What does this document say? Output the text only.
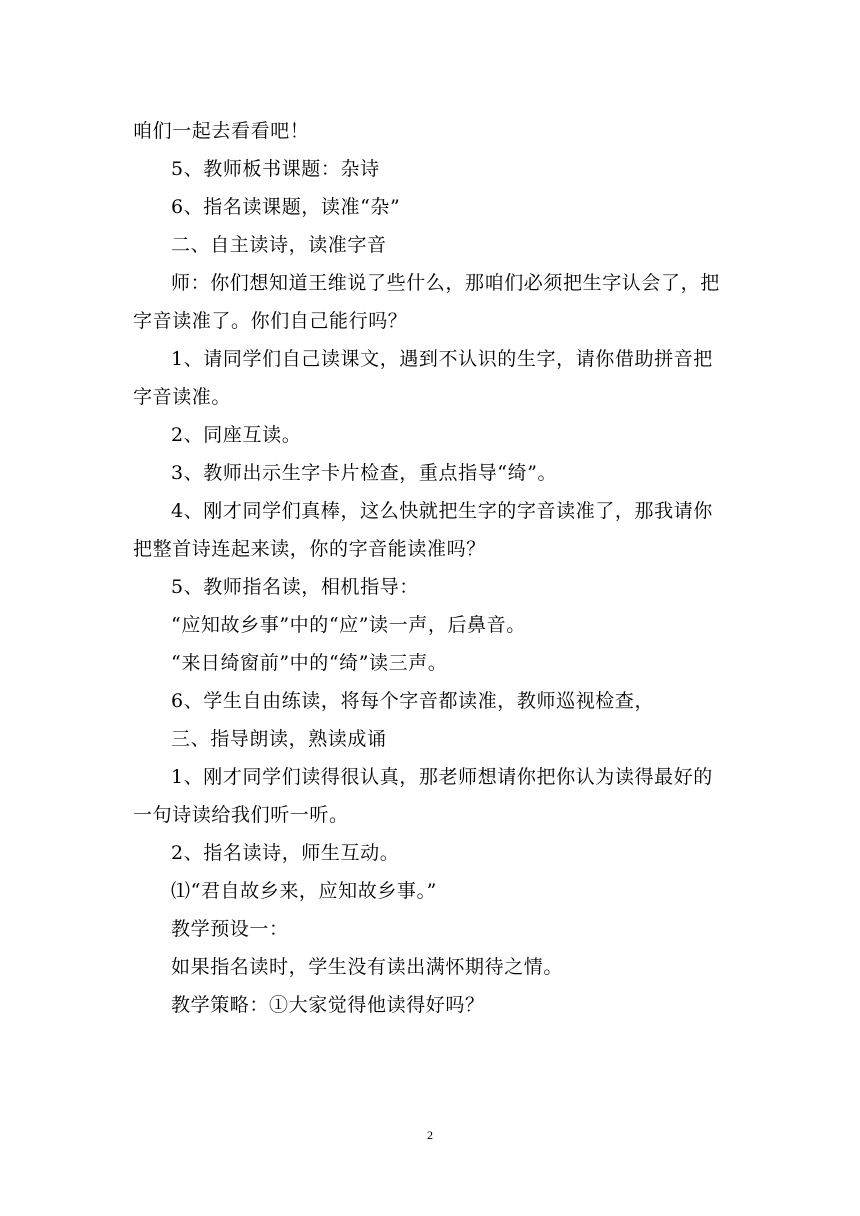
咱们一起去看看吧！
5、教师板书课题：杂诗
6、指名读课题，读准“杂”
二、自主读诗，读准字音
师：你们想知道王维说了些什么，那咱们必须把生字认会了，把
字音读准了。你们自己能行吗？
1、请同学们自己读课文，遇到不认识的生字，请你借助拼音把
字音读准。
2、同座互读。
3、教师出示生字卡片检查，重点指导“绮”。
4、刚才同学们真棒，这么快就把生字的字音读准了，那我请你
把整首诗连起来读，你的字音能读准吗？
5、教师指名读，相机指导：
“应知故乡事”中的“应”读一声，后鼻音。
“来日绮窗前”中的“绮”读三声。
6、学生自由练读，将每个字音都读准，教师巡视检查，
三、指导朗读，熟读成诵
1、刚才同学们读得很认真，那老师想请你把你认为读得最好的
一句诗读给我们听一听。
2、指名读诗，师生互动。
⑴“君自故乡来，应知故乡事。”
教学预设一：
如果指名读时，学生没有读出满怀期待之情。
教学策略：①大家觉得他读得好吗？
2
